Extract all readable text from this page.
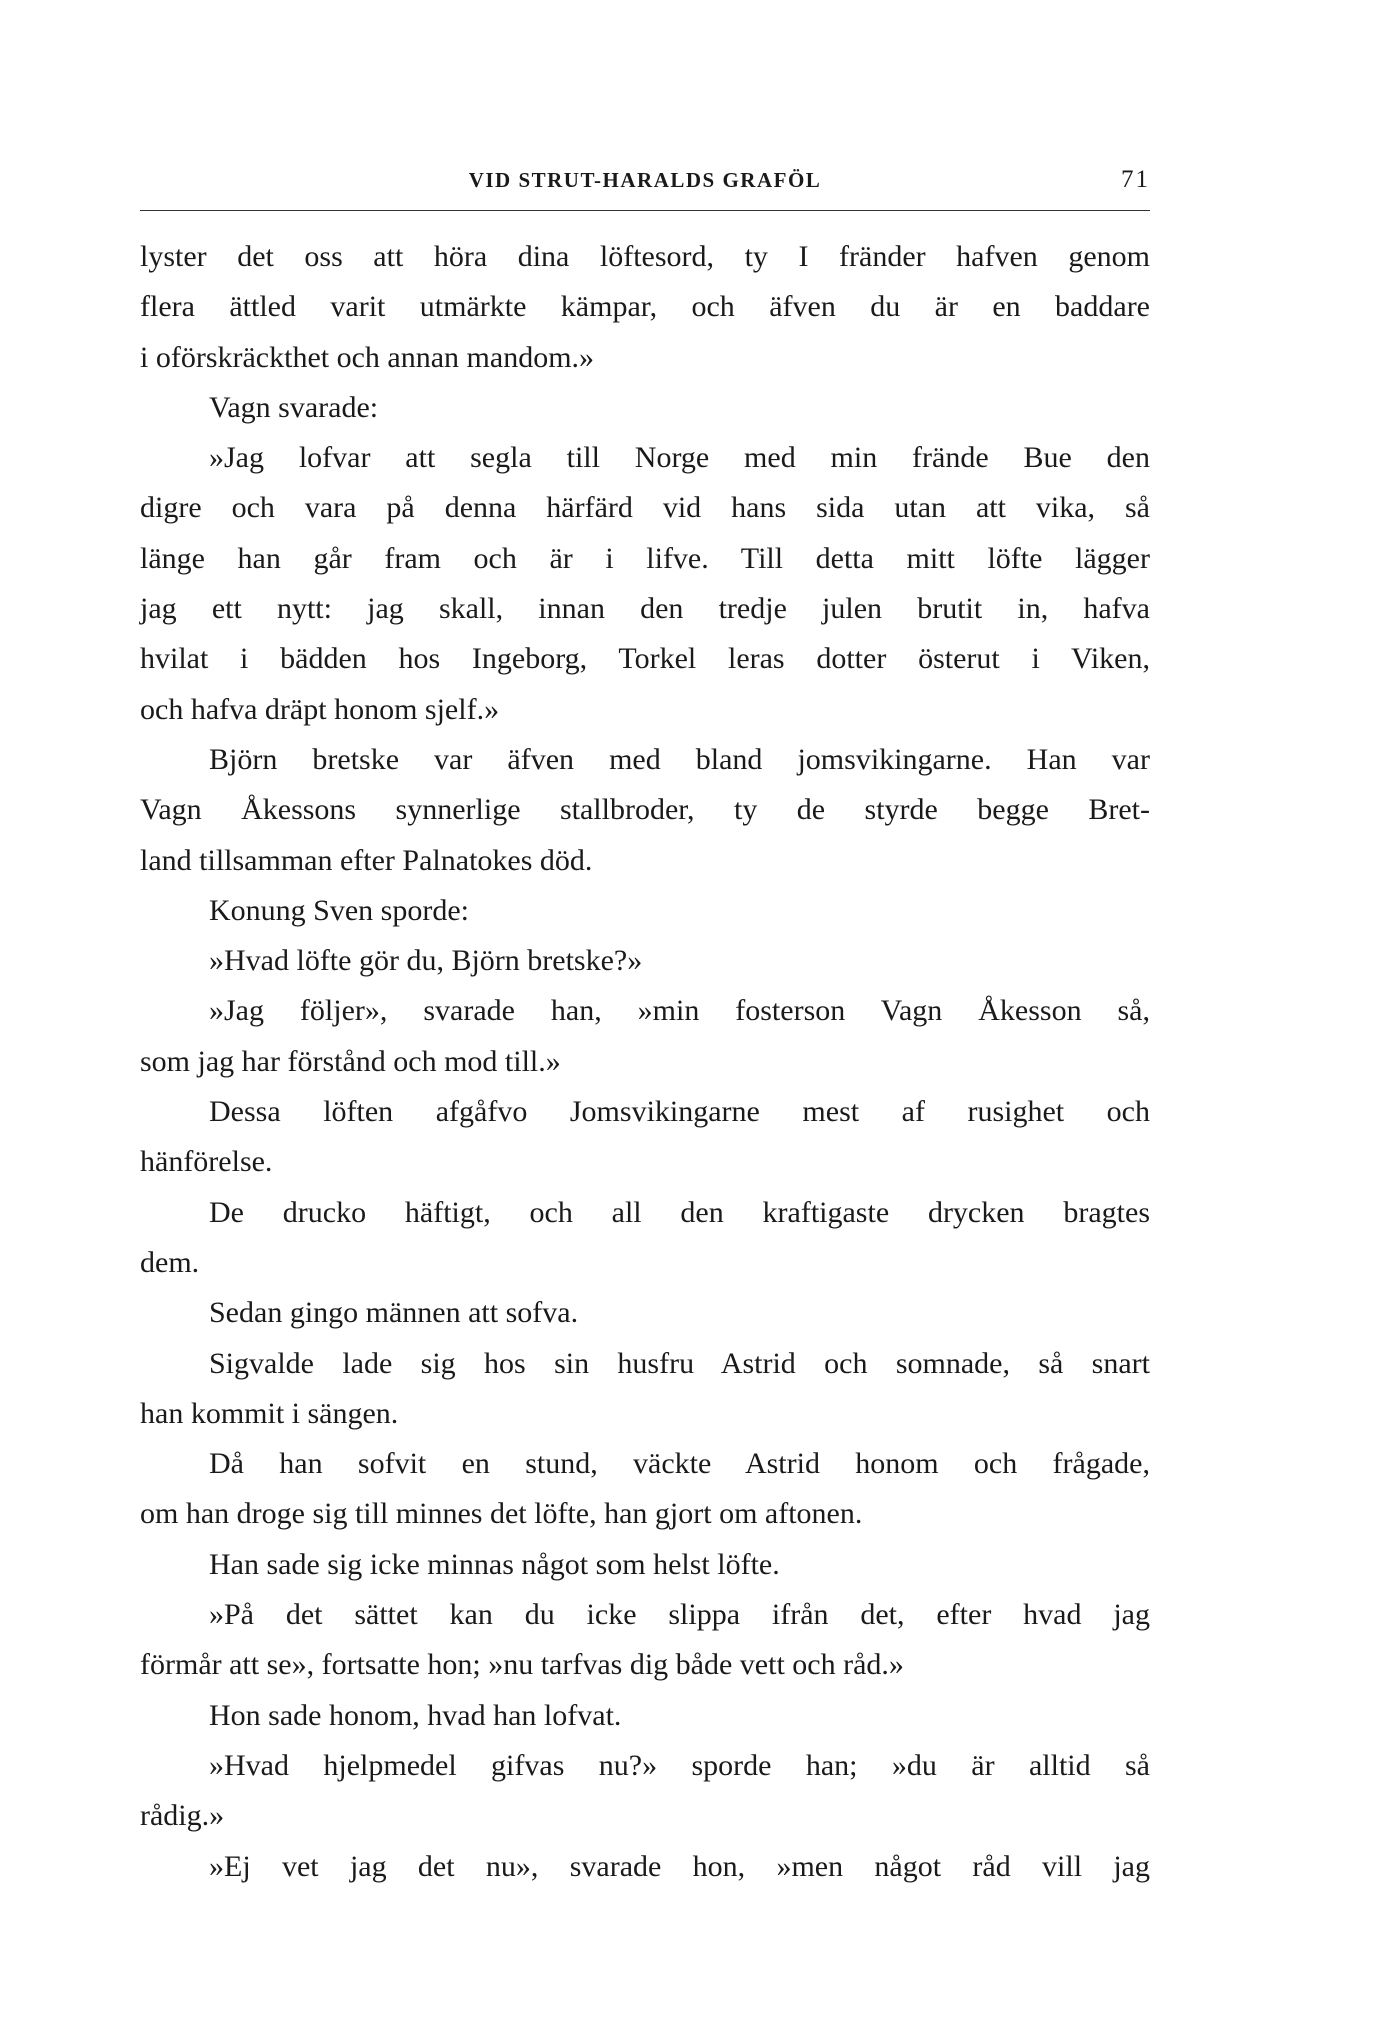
VID STRUT-HARALDS GRAFÖL	71
lyster det oss att höra dina löftesord, ty I fränder hafven genom
flera ättled varit utmärkte kämpar, och äfven du är en baddare
i oförskräckthet och annan mandom.»
Vagn svarade:
»Jag lofvar att segla till Norge med min frände Bue den
digre och vara på denna härfärd vid hans sida utan att vika, så
länge han går fram och är i lifve. Till detta mitt löfte lägger
jag ett nytt: jag skall, innan den tredje julen brutit in, hafva
hvilat i bädden hos Ingeborg, Torkel leras dotter österut i Viken,
och hafva dräpt honom sjelf.»
Björn bretske var äfven med bland jomsvikingarne. Han var
Vagn Åkessons synnerlige stallbroder, ty de styrde begge Bret-
land tillsamman efter Palnatokes död.
Konung Sven sporde:
»Hvad löfte gör du, Björn bretske?»
»Jag följer», svarade han, »min fosterson Vagn Åkesson så,
som jag har förstånd och mod till.»
Dessa löften afgåfvo Jomsvikingarne mest af rusighet och
hänförelse.
De drucko häftigt, och all den kraftigaste drycken bragtes
dem.
Sedan gingo männen att sofva.
Sigvalde lade sig hos sin husfru Astrid och somnade, så snart
han kommit i sängen.
Då han sofvit en stund, väckte Astrid honom och frågade,
om han droge sig till minnes det löfte, han gjort om aftonen.
Han sade sig icke minnas något som helst löfte.
»På det sättet kan du icke slippa ifrån det, efter hvad jag
förmår att se», fortsatte hon; »nu tarfvas dig både vett och råd.»
Hon sade honom, hvad han lofvat.
»Hvad hjelpmedel gifvas nu?» sporde han; »du är alltid så
rådig.»
»Ej vet jag det nu», svarade hon, »men något råd vill jag
